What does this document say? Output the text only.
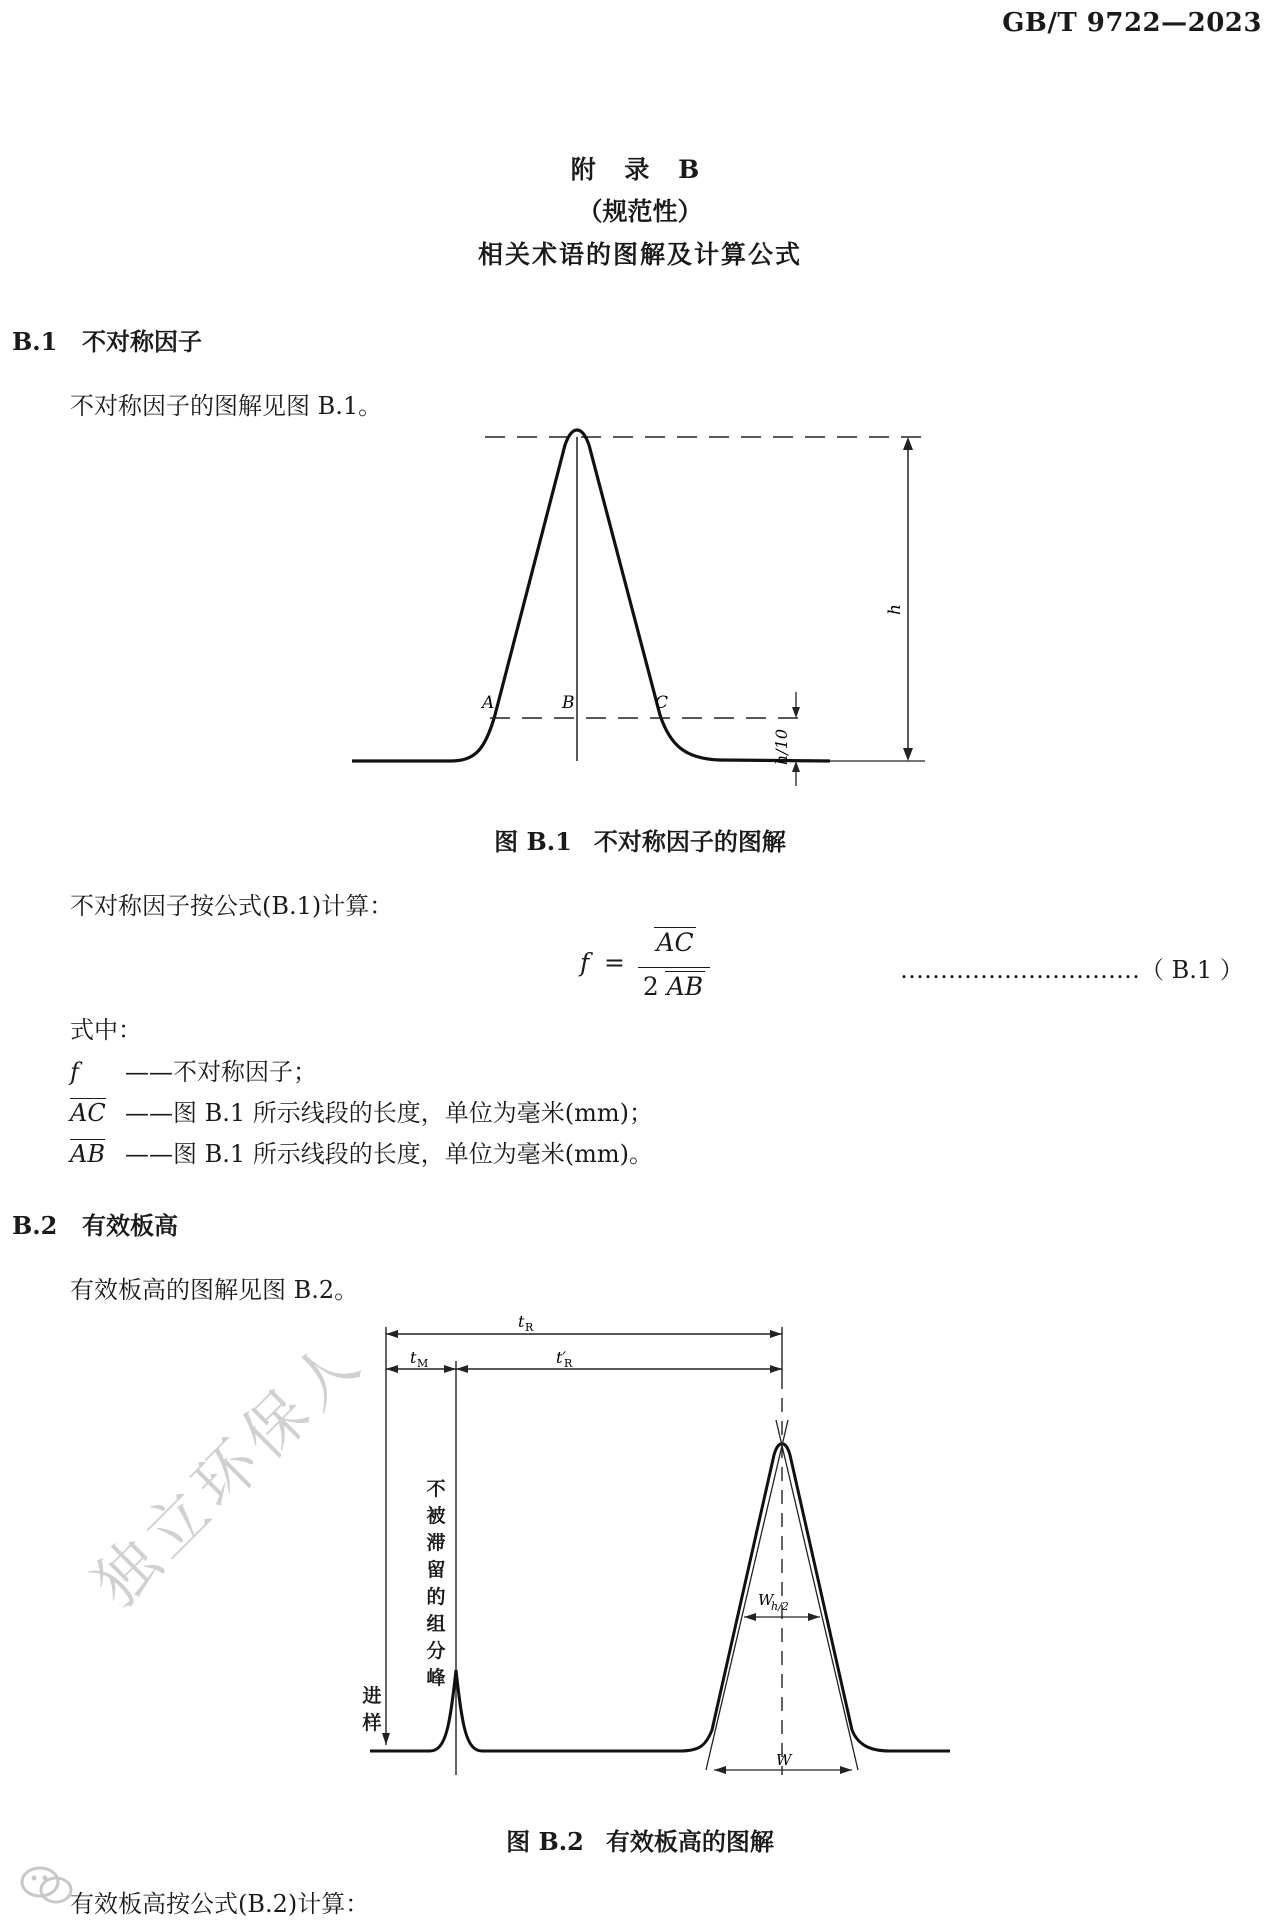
GB/T 9722—2023
附 录 B
（规范性）
相关术语的图解及计算公式
B.1 不对称因子
不对称因子的图解见图 B.1。
h
h/10
A	B	C
图 B.1 不对称因子的图解
不对称因子按公式(B.1)计算：
f =
AC
2 AB
…………………………（ B.1 ）
式中：
f ——不对称因子；
AC ——图 B.1 所示线段的长度，单位为毫米(mm)；
AB ——图 B.1 所示线段的长度，单位为毫米(mm)。
B.2 有效板高
有效板高的图解见图 B.2。
t R
t M	t′
R
W
h/2
W
不被滞留的组分峰
进样
图 B.2 有效板高的图解
有效板高按公式(B.2)计算：
独立环保人
